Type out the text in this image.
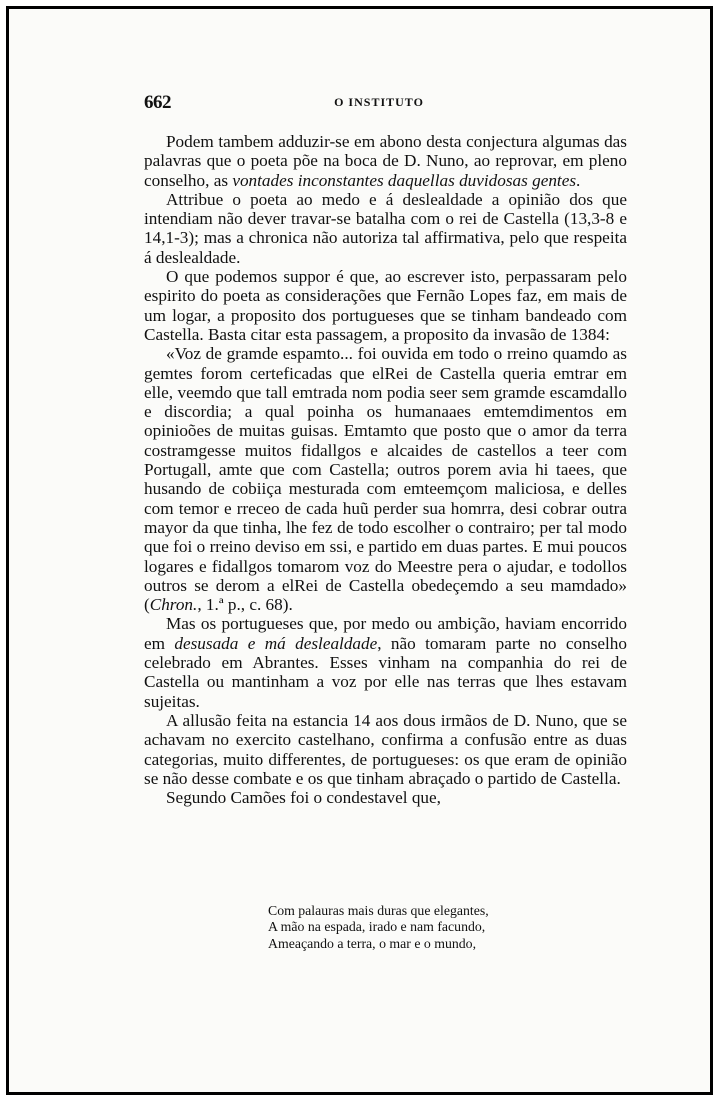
662	O INSTITUTO

Podem tambem adduzir-se em abono desta conjectura algumas das palavras que o poeta põe na boca de D. Nuno, ao reprovar, em pleno conselho, as vontades inconstantes daquellas duvidosas gentes.

Attribue o poeta ao medo e á deslealdade a opinião dos que intendiam não dever travar-se batalha com o rei de Castella (13,3-8 e 14,1-3); mas a chronica não autoriza tal affirmativa, pelo que respeita á deslealdade.

O que podemos suppor é que, ao escrever isto, perpassaram pelo espirito do poeta as considerações que Fernão Lopes faz, em mais de um logar, a proposito dos portugueses que se tinham bandeado com Castella. Basta citar esta passagem, a proposito da invasão de 1384:

«Voz de gramde espamto... foi ouvida em todo o rreino quamdo as gemtes forom certeficadas que elRei de Castella queria emtrar em elle, veemdo que tall emtrada nom podia seer sem gramde escamdallo e discordia; a qual poinha os humanaaes emtemdimentos em opinioões de muitas guisas. Emtamto que posto que o amor da terra costramgesse muitos fidallgos e alcaides de castellos a teer com Portugall, amte que com Castella; outros porem avia hi taees, que husando de cobiiça mesturada com emteemçom maliciosa, e delles com temor e rreceo de cada huũ perder sua homrra, desi cobrar outra mayor da que tinha, lhe fez de todo escolher o contrairo; per tal modo que foi o rreino deviso em ssi, e partido em duas partes. E mui poucos logares e fidallgos tomarom voz do Meestre pera o ajudar, e todollos outros se derom a elRei de Castella obedeçemdo a seu mamdado» (Chron., 1.ª p., c. 68).

Mas os portugueses que, por medo ou ambição, haviam encorrido em desusada e má deslealdade, não tomaram parte no conselho celebrado em Abrantes. Esses vinham na companhia do rei de Castella ou mantinham a voz por elle nas terras que lhes estavam sujeitas.

A allusão feita na estancia 14 aos dous irmãos de D. Nuno, que se achavam no exercito castelhano, confirma a confusão entre as duas categorias, muito differentes, de portugueses: os que eram de opinião se não desse combate e os que tinham abraçado o partido de Castella.

Segundo Camões foi o condestavel que,

Com palauras mais duras que elegantes,
A mão na espada, irado e nam facundo,
Ameaçando a terra, o mar e o mundo,
